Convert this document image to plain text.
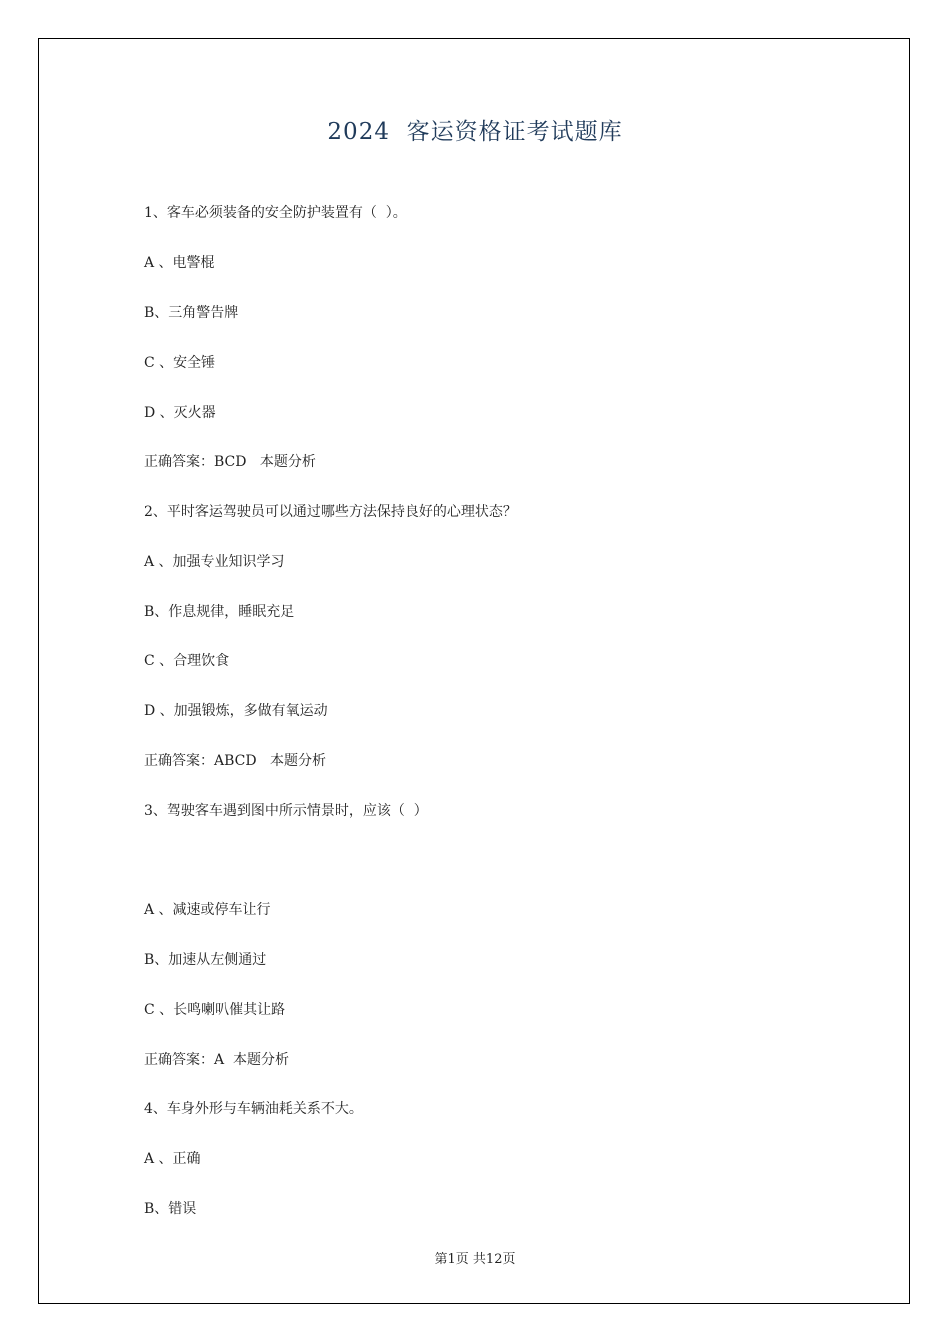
2024  客运资格证考试题库
1、客车必须装备的安全防护装置有（  ）。
A 、电警棍
B、三角警告牌
C 、安全锤
D 、灭火器
正确答案：BCD   本题分析
2、平时客运驾驶员可以通过哪些方法保持良好的心理状态？
A 、加强专业知识学习
B、作息规律，睡眠充足
C 、合理饮食
D 、加强锻炼，多做有氧运动
正确答案：ABCD   本题分析
3、驾驶客车遇到图中所示情景时，应该（  ）
A 、减速或停车让行
B、加速从左侧通过
C 、长鸣喇叭催其让路
正确答案：A  本题分析
4、车身外形与车辆油耗关系不大。
A 、正确
B、错误
第1页 共12页
